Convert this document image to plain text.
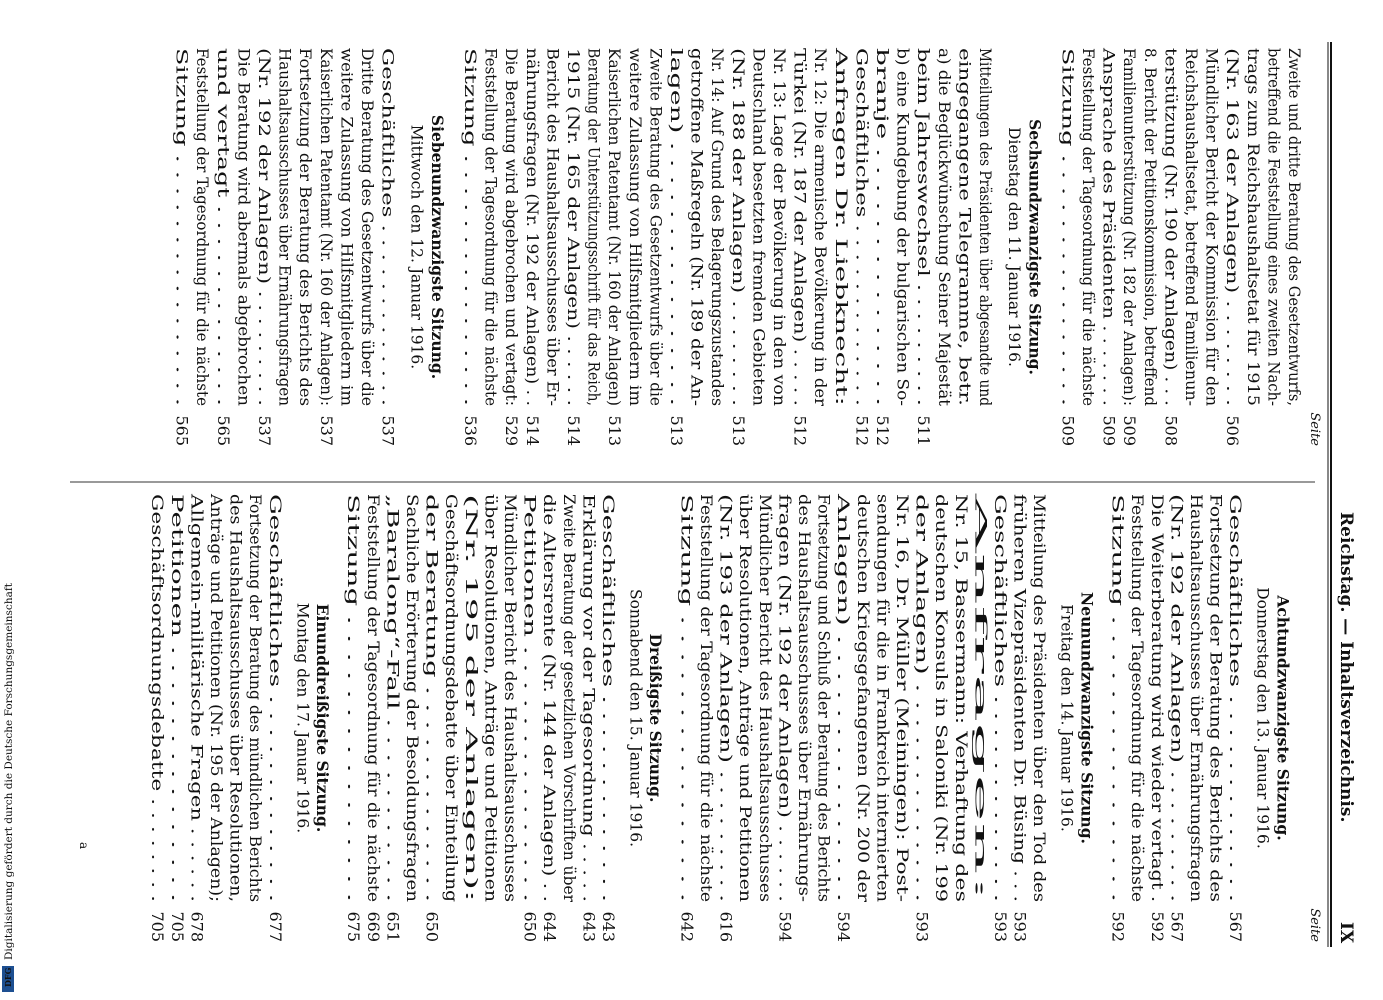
DFG
Digitalisierung gefördert durch die Deutsche Forschungsgemeinschaft	Reichstag. — Inhaltsverzeichnis.
IX
Seite
Seite
Zweite und dritte Beratung des Gesetzentwurfs,
betreffend die Feststellung eines zweiten Nach-
trags zum Reichshaushaltsetat für 1915
(Nr. 163 der Anlagen) . . . . . . . .
506
Mündlicher Bericht der Kommission für den
Reichshaushaltsetat, betreffend Familienun-
terstützung (Nr. 190 der Anlagen) . . .
508
8. Bericht der Petitionskommission, betreffend
Familienunterstützung (Nr. 182 der Anlagen):
509
Ansprache des Präsidenten . . . . . . .
509
Feststellung der Tagesordnung für die nächste
Sitzung . . . . . . . . . . . . . . . .
509
Sechsundzwanzigste Sitzung.
Dienstag den 11. Januar 1916.
Mitteilungen des Präsidenten über abgesandte und
eingegangene Telegramme, betr.
a) die Beglückwünschung Seiner Majestät
beim Jahreswechsel . . . . . . . . .
511
b) eine Kundgebung der bulgarischen So-
branje . . . . . . . . . . . . . . .
512
Geschäftliches . . . . . . . . . . . . .
512
Anfragen Dr. Liebknecht:
Nr. 12: Die armenische Bevölkerung in der
Türkei (Nr. 187 der Anlagen) . . . . .
512
Nr. 13: Lage der Bevölkerung in den von
Deutschland besetzten fremden Gebieten
(Nr. 188 der Anlagen) . . . . . . . .
513
Nr. 14: Auf Grund des Belagerungszustandes
getroffene Maßregeln (Nr. 189 der An-
lagen) . . . . . . . . . . . . . . . .
513
Zweite Beratung des Gesetzentwurfs über die
weitere Zulassung von Hilfsmitgliedern im
Kaiserlichen Patentamt (Nr. 160 der Anlagen)
513
Beratung der Unterstützungsschrift für das Reich,
1915 (Nr. 165 der Anlagen) . . . . . .
514
Bericht des Haushaltsausschusses über Er-
nährungsfragen (Nr. 192 der Anlagen) . .
514
Die Beratung wird abgebrochen und vertagt:
529
Feststellung der Tagesordnung für die nächste
Sitzung . . . . . . . . . . . . . . . .
536
Siebenundzwanzigste Sitzung.
Mittwoch den 12. Januar 1916.
Geschäftliches . . . . . . . . . . . . .
537
Dritte Beratung des Gesetzentwurfs über die
weitere Zulassung von Hilfsmitgliedern im
Kaiserlichen Patentamt (Nr. 160 der Anlagen):
537
Fortsetzung der Beratung des Berichts des
Haushaltsausschusses über Ernährungsfragen
(Nr. 192 der Anlagen) . . . . . . . . .
537
Die Beratung wird abermals abgebrochen
und vertagt . . . . . . . . . . . . .
565
Feststellung der Tagesordnung für die nächste
Sitzung . . . . . . . . . . . . . . . .
565
Achtundzwanzigste Sitzung.
Donnerstag den 13. Januar 1916.
Geschäftliches . . . . . . . . . . . . .
567
Fortsetzung der Beratung des Berichts des
Haushaltsausschusses über Ernährungsfragen
(Nr. 192 der Anlagen) . . . . . . . . .
567
Die Weiterberatung wird wieder vertagt .
592
Feststellung der Tagesordnung für die nächste
Sitzung . . . . . . . . . . . . . . . .
592
Neunundzwanzigste Sitzung.
Freitag den 14. Januar 1916.
Mitteilung des Präsidenten über den Tod des
früheren Vizepräsidenten Dr. Büsing . . .
593
Geschäftliches . . . . . . . . . . . . .
593
Anfragen:
Nr. 15, Bassermann: Verhaftung des
deutschen Konsuls in Saloniki (Nr. 199
der Anlagen) . . . . . . . . . . . . .
593
Nr. 16, Dr. Müller (Meiningen): Post-
sendungen für die in Frankreich internierten
deutschen Kriegsgefangenen (Nr. 200 der
Anlagen) . . . . . . . . . . . . . . .
594
Fortsetzung und Schluß der Beratung des Berichts
des Haushaltsausschusses über Ernährungs-
fragen (Nr. 192 der Anlagen) . . . . . .
594
Mündlicher Bericht des Haushaltsausschusses
über Resolutionen, Anträge und Petitionen
(Nr. 193 der Anlagen) . . . . . . . . .
616
Feststellung der Tagesordnung für die nächste
Sitzung . . . . . . . . . . . . . . . .
642
Dreißigste Sitzung.
Sonnabend den 15. Januar 1916.
Geschäftliches . . . . . . . . . . . . .
643
Erklärung vor der Tagesordnung . . . . .
643
Zweite Beratung der gesetzlichen Vorschriften über
die Altersrente (Nr. 144 der Anlagen) . .
644
Petitionen . . . . . . . . . . . . . . .
650
Mündlicher Bericht des Haushaltsausschusses
über Resolutionen, Anträge und Petitionen
(Nr. 195 der Anlagen):
Geschäftsordnungsdebatte über Einteilung
der Beratung . . . . . . . . . . . . .
650
Sachliche Erörterung der Besoldungsfragen
„Baralong“-Fall . . . . . . . . . . .
651
Feststellung der Tagesordnung für die nächste
669
Sitzung . . . . . . . . . . . . . . . .
675
Einunddreißigste Sitzung.
Montag den 17. Januar 1916.
Geschäftliches . . . . . . . . . . . . .
677
Fortsetzung der Beratung des mündlichen Berichts
des Haushaltsausschusses über Resolutionen,
Anträge und Petitionen (Nr. 195 der Anlagen);
Allgemein-militärische Fragen . . . . . .
678
Petitionen . . . . . . . . . . . . . . .
705
Geschäftsordnungsdebatte . . . . . . . .
705
a
